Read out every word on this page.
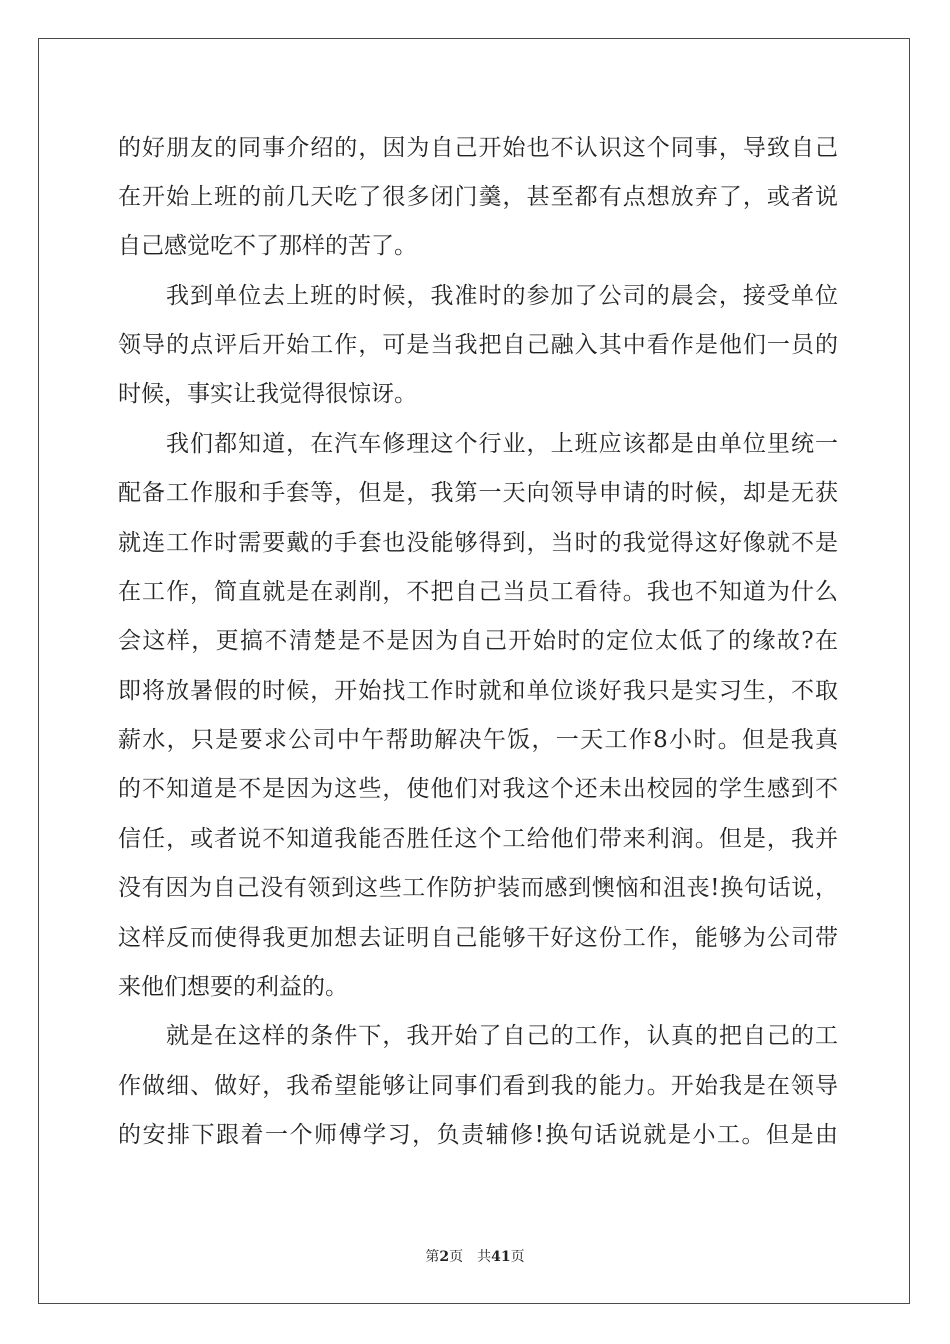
的好朋友的同事介绍的，因为自己开始也不认识这个同事，导致自己
在开始上班的前几天吃了很多闭门羹，甚至都有点想放弃了，或者说
自己感觉吃不了那样的苦了。
我到单位去上班的时候，我准时的参加了公司的晨会，接受单位
领导的点评后开始工作，可是当我把自己融入其中看作是他们一员的
时候，事实让我觉得很惊讶。
我们都知道，在汽车修理这个行业，上班应该都是由单位里统一
配备工作服和手套等，但是，我第一天向领导申请的时候，却是无获
就连工作时需要戴的手套也没能够得到，当时的我觉得这好像就不是
在工作，简直就是在剥削，不把自己当员工看待。我也不知道为什么
会这样，更搞不清楚是不是因为自己开始时的定位太低了的缘故?在
即将放暑假的时候，开始找工作时就和单位谈好我只是实习生，不取
薪水，只是要求公司中午帮助解决午饭，一天工作8小时。但是我真
的不知道是不是因为这些，使他们对我这个还未出校园的学生感到不
信任，或者说不知道我能否胜任这个工给他们带来利润。但是，我并
没有因为自己没有领到这些工作防护装而感到懊恼和沮丧!换句话说，
这样反而使得我更加想去证明自己能够干好这份工作，能够为公司带
来他们想要的利益的。
就是在这样的条件下，我开始了自己的工作，认真的把自己的工
作做细、做好，我希望能够让同事们看到我的能力。开始我是在领导
的安排下跟着一个师傅学习，负责辅修!换句话说就是小工。但是由
第2页 共41页
